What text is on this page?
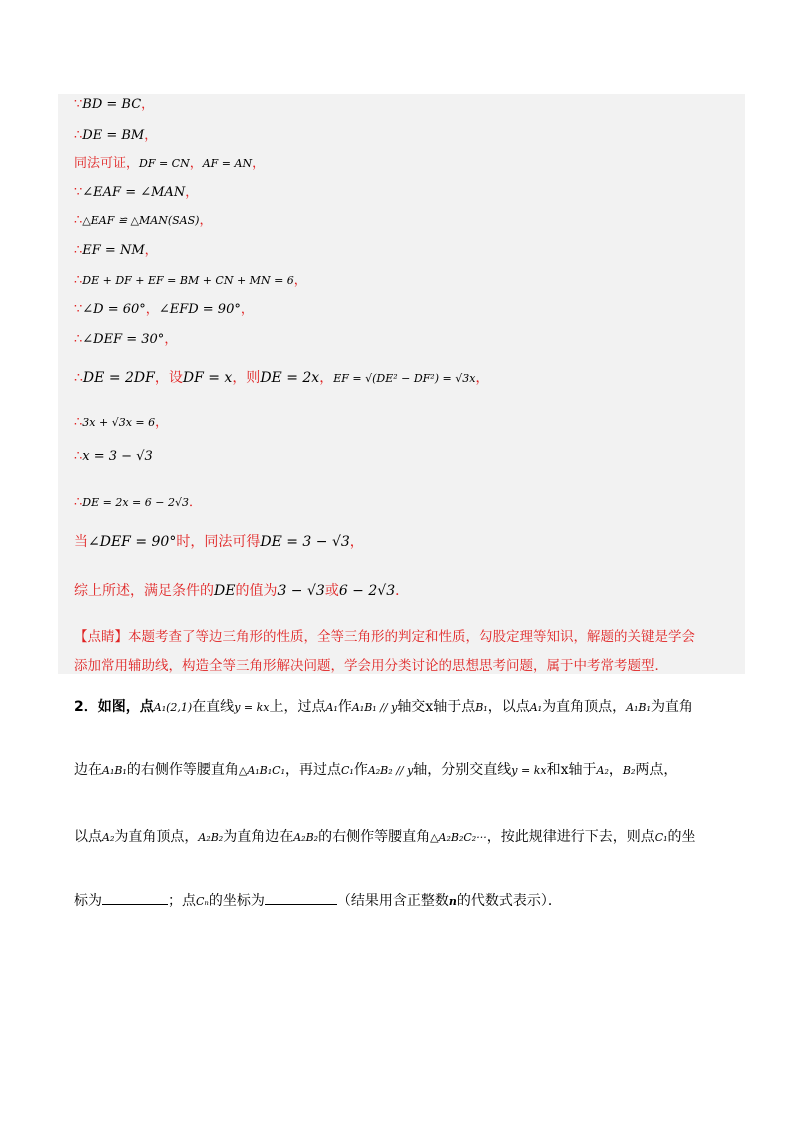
∵BD = BC，
∴DE = BM，
同法可证，DF = CN，AF = AN，
∵∠EAF = ∠MAN，
∴△EAF ≌ △MAN(SAS)，
∴EF = NM，
∴DE + DF + EF = BM + CN + MN = 6，
∵∠D = 60°，∠EFD = 90°，
∴∠DEF = 30°，
∴DE = 2DF，设DF = x，则DE = 2x，EF = √(DE² − DF²) = √3x，
∴3x + √3x = 6，
∴x = 3 − √3
∴DE = 2x = 6 − 2√3．
当∠DEF = 90°时，同法可得DE = 3 − √3，
综上所述，满足条件的DE的值为3 − √3或6 − 2√3．
【点睛】本题考查了等边三角形的性质，全等三角形的判定和性质，勾股定理等知识，解题的关键是学会
添加常用辅助线，构造全等三角形解决问题，学会用分类讨论的思想思考问题，属于中考常考题型．
2．如图，点A₁(2,1)在直线y = kx上，过点A₁作A₁B₁ // y轴交x轴于点B₁，以点A₁为直角顶点，A₁B₁为直角
边在A₁B₁的右侧作等腰直角△A₁B₁C₁，再过点C₁作A₂B₂ // y轴，分别交直线y = kx和x轴于A₂，B₂两点，
以点A₂为直角顶点，A₂B₂为直角边在A₂B₂的右侧作等腰直角△A₂B₂C₂···，按此规律进行下去，则点C₁的坐
标为	；点Cₙ的坐标为	（结果用含正整数n的代数式表示）．
